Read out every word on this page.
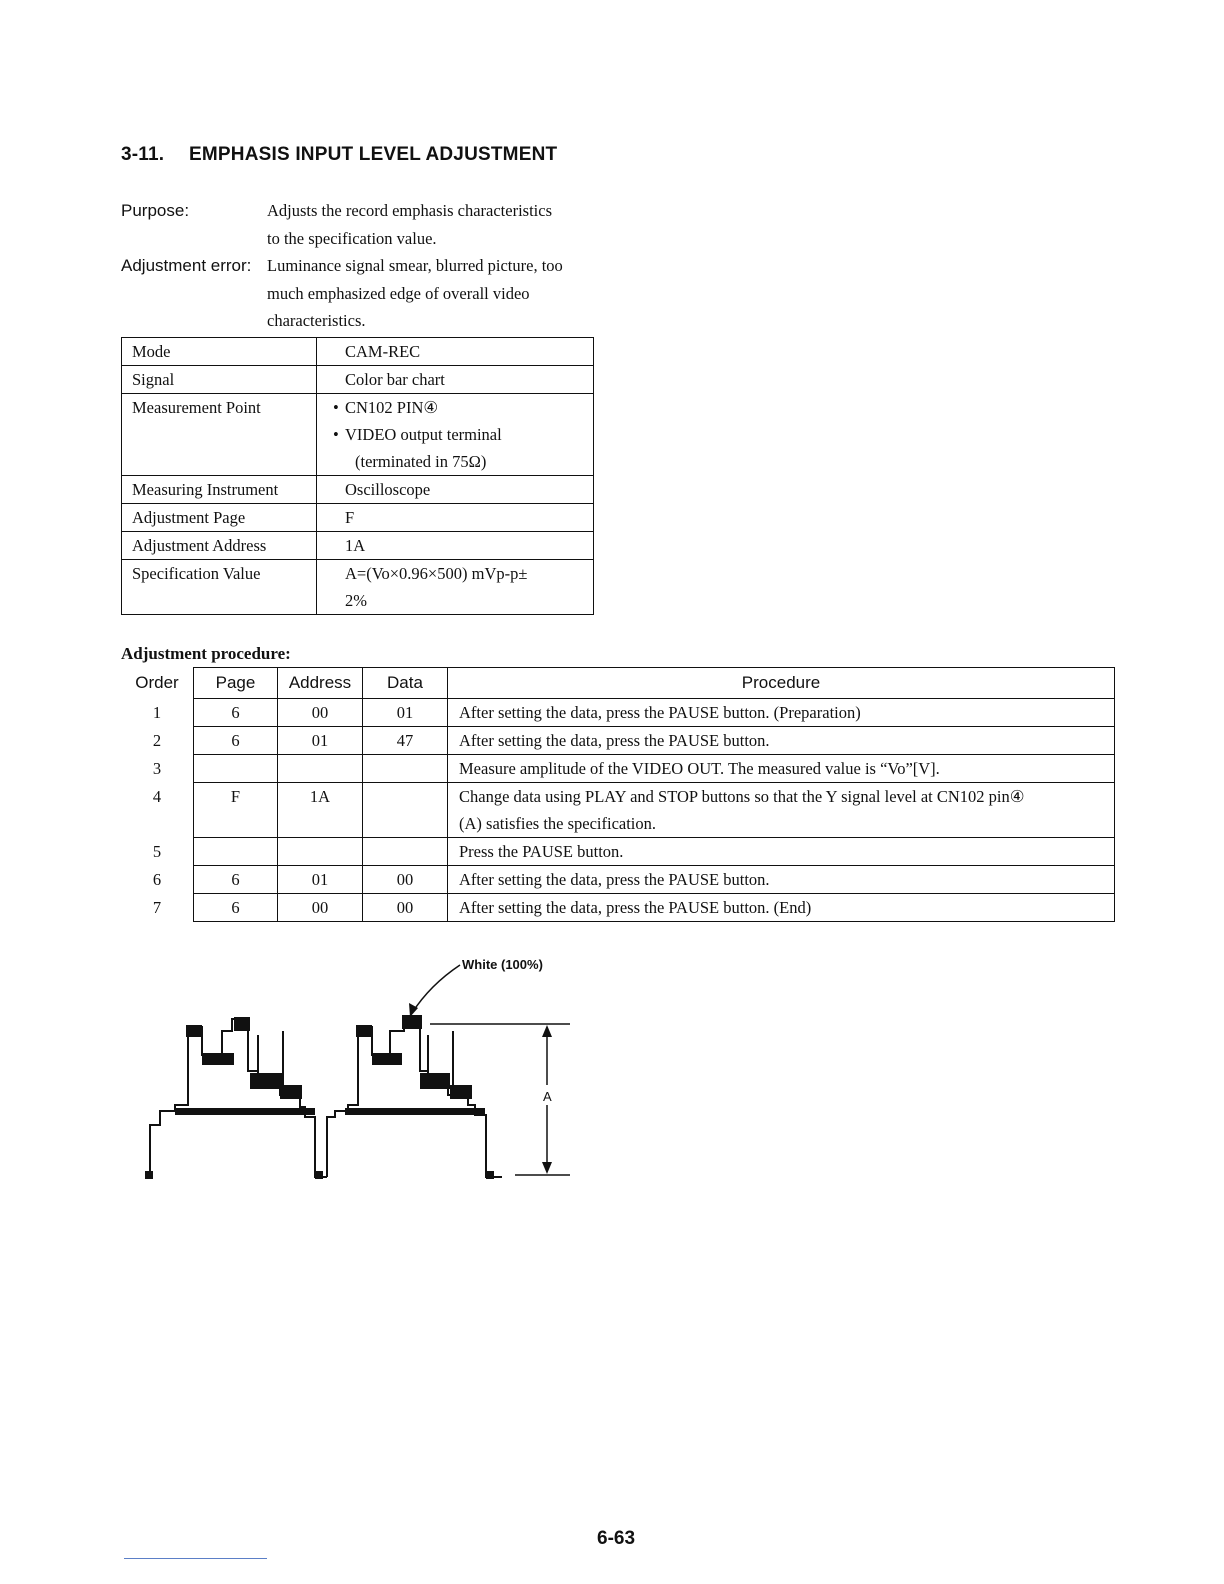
3-11. EMPHASIS INPUT LEVEL ADJUSTMENT
Purpose:	Adjusts the record emphasis characteristics
to the specification value.
Adjustment error: Luminance signal smear, blurred picture, too
much emphasized edge of overall video
characteristics.
Mode	CAM-REC
Signal	Color bar chart
Measurement Point	• CN102 PIN④
• VIDEO output terminal
(terminated in 75Ω)

Measuring Instrument	Oscilloscope
Adjustment Page	F
Adjustment Address	1A
Specification Value	A=(Vo×0.96×500) mVp-p±
2%
Adjustment procedure:
Order	Page	Address	Data	Procedure
1	6	00	01	After setting the data, press the PAUSE button. (Preparation)
2	6	01	47	After setting the data, press the PAUSE button.
3				Measure amplitude of the VIDEO OUT. The measured value is “Vo”[V].
4	F	1A		Change data using PLAY and STOP buttons so that the Y signal level at CN102 pin④
(A) satisfies the specification.

5				Press the PAUSE button.
6	6	01	00	After setting the data, press the PAUSE button.
7	6	00	00	After setting the data, press the PAUSE button. (End)
White (100%)
A
6-63
